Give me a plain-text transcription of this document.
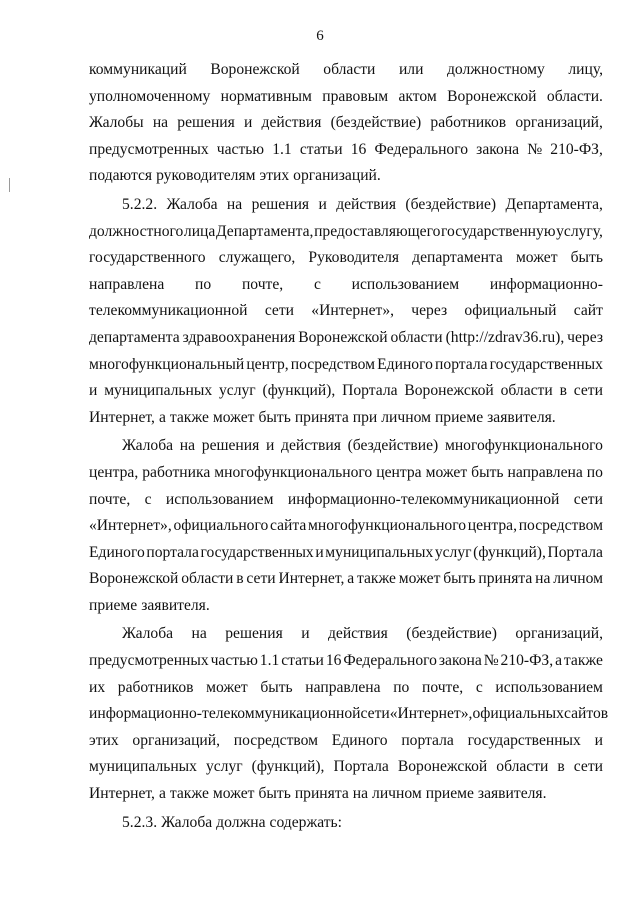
6
коммуникаций Воронежской области или должностному лицу,
уполномоченному нормативным правовым актом Воронежской области.
Жалобы на решения и действия (бездействие) работников организаций,
предусмотренных частью 1.1 статьи 16 Федерального закона № 210-ФЗ,
подаются руководителям этих организаций.
5.2.2. Жалоба на решения и действия (бездействие) Департамента,
должностного лица Департамента, предоставляющего государственную услугу,
государственного служащего, Руководителя департамента может быть
направлена по почте, с использованием информационно-
телекоммуникационной сети «Интернет», через официальный сайт
департамента здравоохранения Воронежской области (http://zdrav36.ru), через
многофункциональный центр, посредством Единого портала государственных
и муниципальных услуг (функций), Портала Воронежской области в сети
Интернет, а также может быть принята при личном приеме заявителя.
Жалоба на решения и действия (бездействие) многофункционального
центра, работника многофункционального центра может быть направлена по
почте, с использованием информационно-телекоммуникационной сети
«Интернет», официального сайта многофункционального центра, посредством
Единого портала государственных и муниципальных услуг (функций), Портала
Воронежской области в сети Интернет, а также может быть принята на личном
приеме заявителя.
Жалоба на решения и действия (бездействие) организаций,
предусмотренных частью 1.1 статьи 16 Федерального закона № 210-ФЗ, а также
их работников может быть направлена по почте, с использованием
информационно-телекоммуникационной сети «Интернет», официальных сайтов
этих организаций, посредством Единого портала государственных и
муниципальных услуг (функций), Портала Воронежской области в сети
Интернет, а также может быть принята на личном приеме заявителя.
5.2.3. Жалоба должна содержать:
